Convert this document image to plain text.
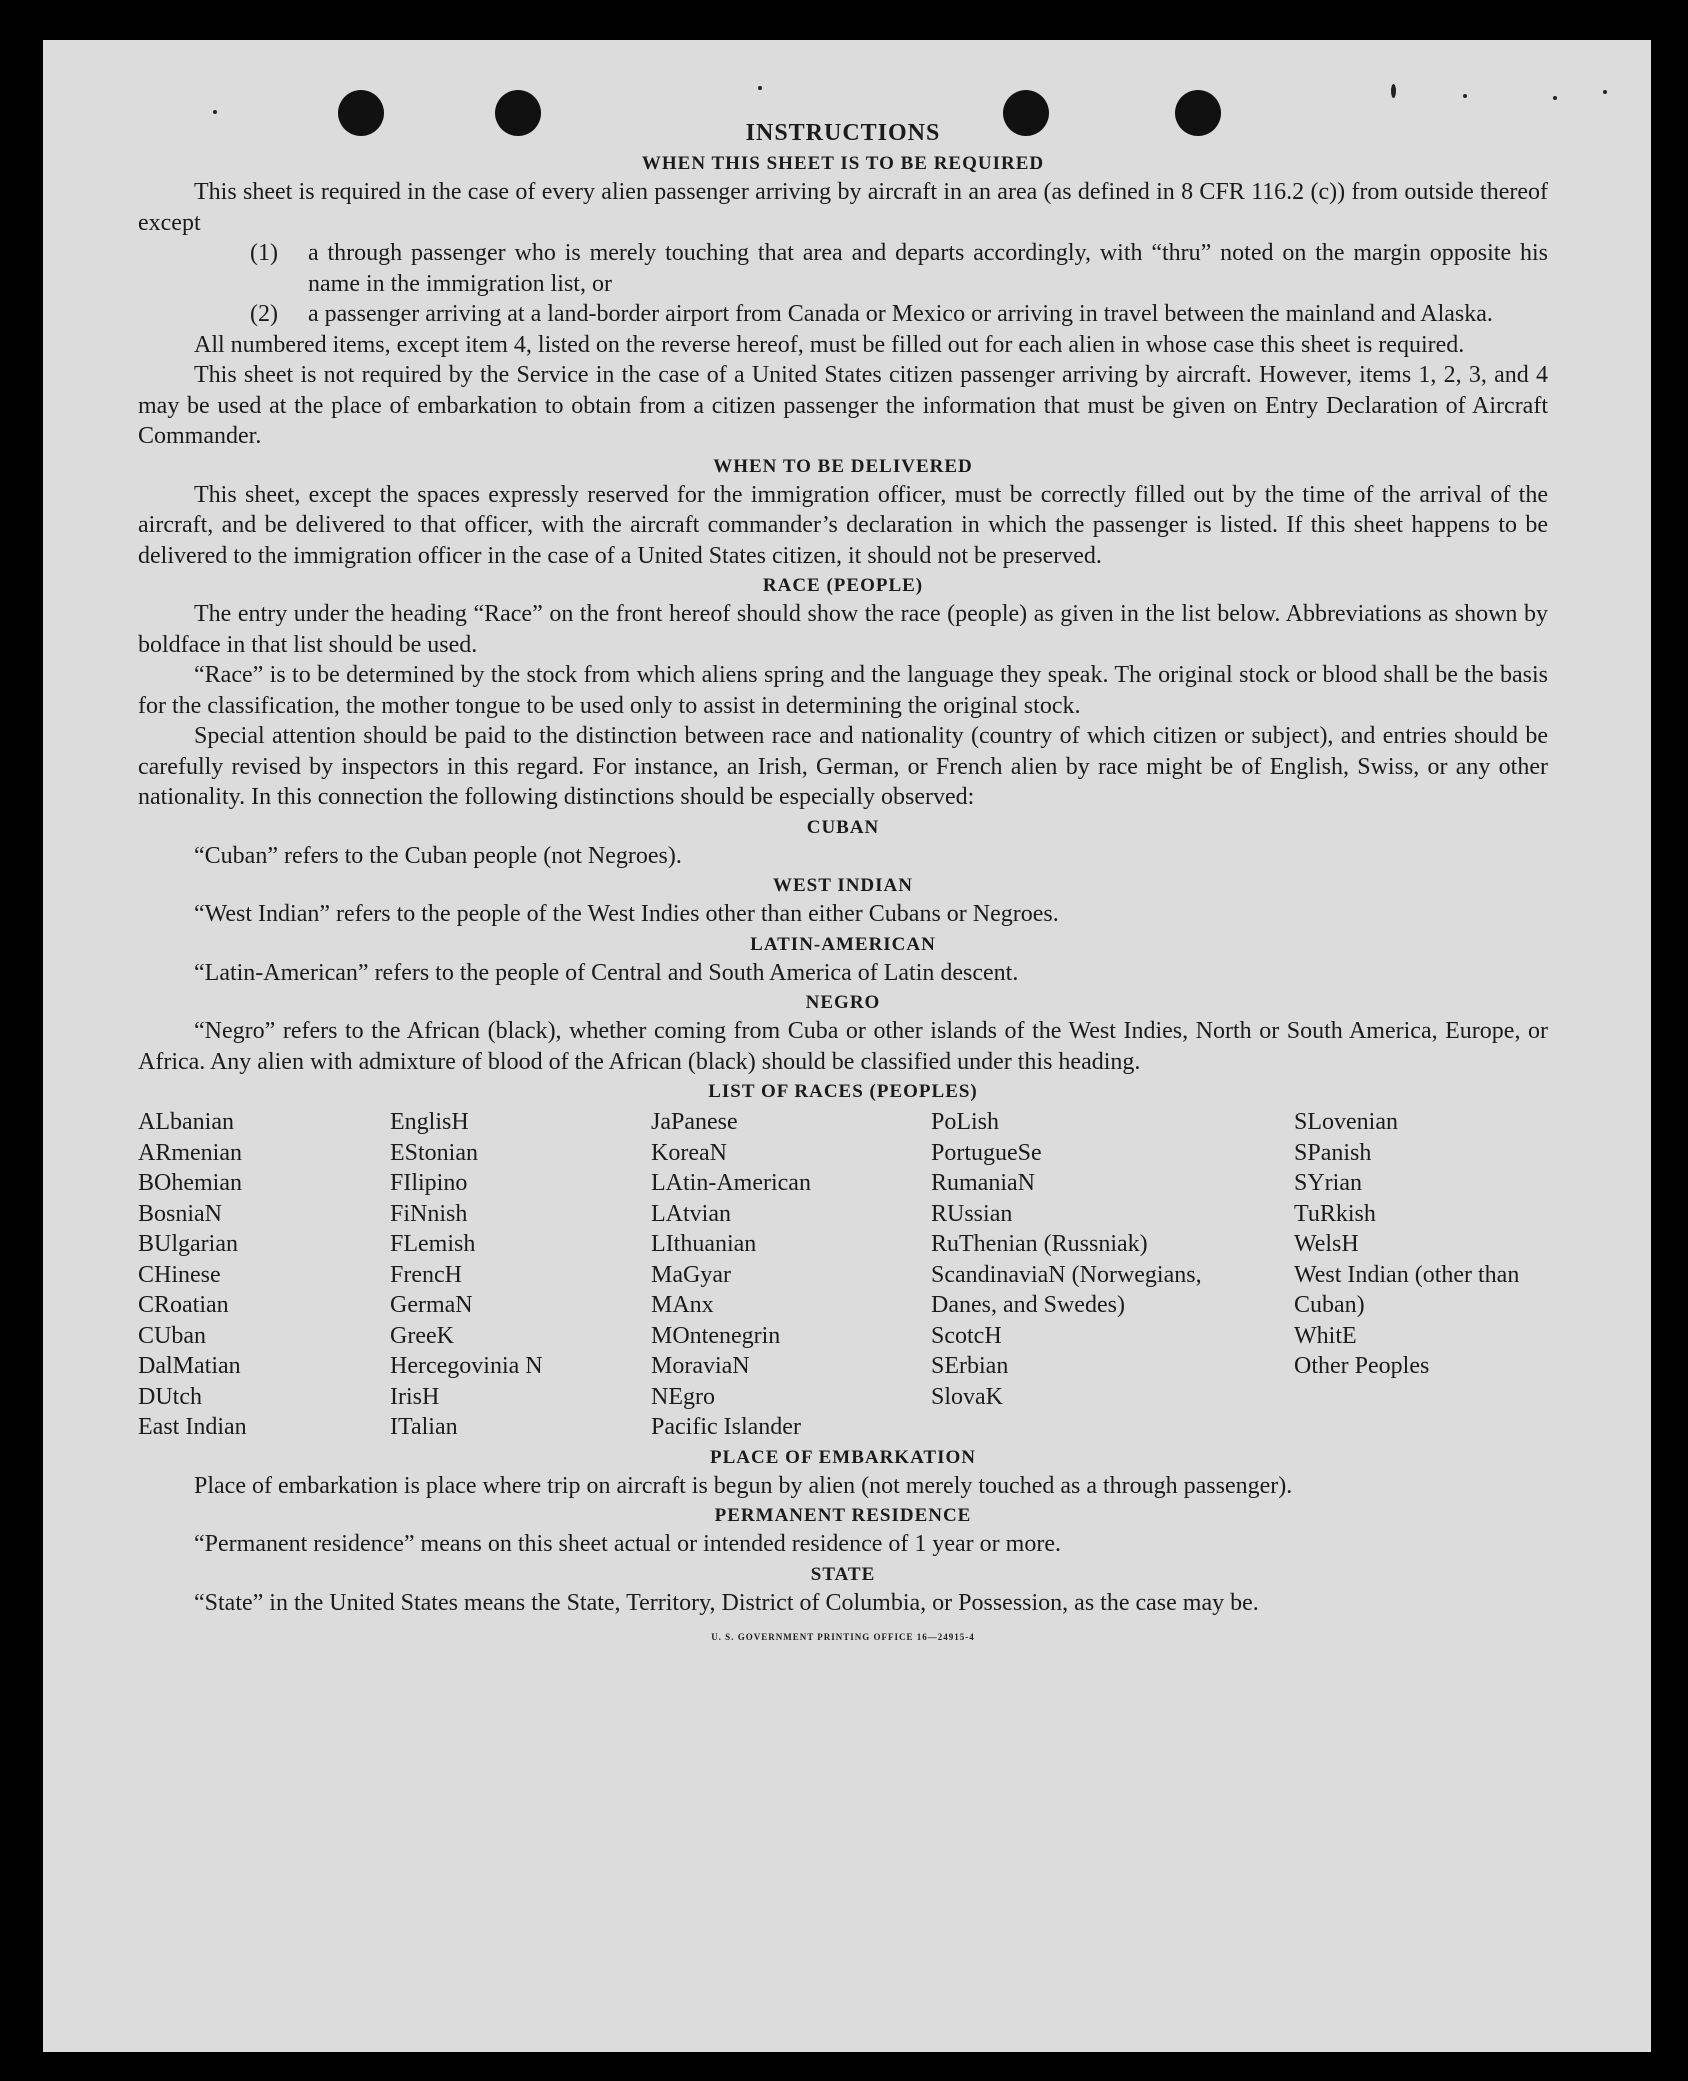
INSTRUCTIONS
WHEN THIS SHEET IS TO BE REQUIRED

This sheet is required in the case of every alien passenger arriving by aircraft in an area (as defined in 8 CFR 116.2 (c)) from outside thereof except

(1) a through passenger who is merely touching that area and departs accordingly, with “thru” noted on the margin opposite his name in the immigration list, or

(2) a passenger arriving at a land-border airport from Canada or Mexico or arriving in travel between the mainland and Alaska.

All numbered items, except item 4, listed on the reverse hereof, must be filled out for each alien in whose case this sheet is required.

This sheet is not required by the Service in the case of a United States citizen passenger arriving by aircraft. However, items 1, 2, 3, and 4 may be used at the place of embarkation to obtain from a citizen passenger the information that must be given on Entry Declaration of Aircraft Commander.

WHEN TO BE DELIVERED

This sheet, except the spaces expressly reserved for the immigration officer, must be correctly filled out by the time of the arrival of the aircraft, and be delivered to that officer, with the aircraft commander’s declaration in which the passenger is listed. If this sheet happens to be delivered to the immigration officer in the case of a United States citizen, it should not be preserved.

RACE (PEOPLE)

The entry under the heading “Race” on the front hereof should show the race (people) as given in the list below. Abbreviations as shown by boldface in that list should be used.

“Race” is to be determined by the stock from which aliens spring and the language they speak. The original stock or blood shall be the basis for the classification, the mother tongue to be used only to assist in determining the original stock.

Special attention should be paid to the distinction between race and nationality (country of which citizen or subject), and entries should be carefully revised by inspectors in this regard. For instance, an Irish, German, or French alien by race might be of English, Swiss, or any other nationality. In this connection the following distinctions should be especially observed:

CUBAN

“Cuban” refers to the Cuban people (not Negroes).

WEST INDIAN

“West Indian” refers to the people of the West Indies other than either Cubans or Negroes.

LATIN-AMERICAN

“Latin-American” refers to the people of Central and South America of Latin descent.

NEGRO

“Negro” refers to the African (black), whether coming from Cuba or other islands of the West Indies, North or South America, Europe, or Africa. Any alien with admixture of blood of the African (black) should be classified under this heading.

LIST OF RACES (PEOPLES)
ALbanian
ARmenian
BOhemian
BosniaN
BUlgarian
CHinese
CRoatian
CUban
DalMatian
DUtch
East Indian
EnglisH
EStonian
FIlipino
FiNnish
FLemish
FrencH
GermaN
GreeK
Hercegovinia N
IrisH
ITalian
JaPanese
KoreaN
LAtin-American
LAtvian
LIthuanian
MaGyar
MAnx
MOntenegrin
MoraviaN
NEgro
Pacific Islander
PoLish
PortugueSe
RumaniaN
RUssian
RuThenian (Russniak)
ScandinaviaN (Norwegians, Danes, and Swedes)
ScotcH
SErbian
SlovaK
SLovenian
SPanish
SYrian
TuRkish
WelsH
West Indian (other than Cuban)
WhitE
Other Peoples
PLACE OF EMBARKATION

Place of embarkation is place where trip on aircraft is begun by alien (not merely touched as a through passenger).

PERMANENT RESIDENCE

“Permanent residence” means on this sheet actual or intended residence of 1 year or more.

STATE

“State” in the United States means the State, Territory, District of Columbia, or Possession, as the case may be.

U. S. GOVERNMENT PRINTING OFFICE 16—24915-4
